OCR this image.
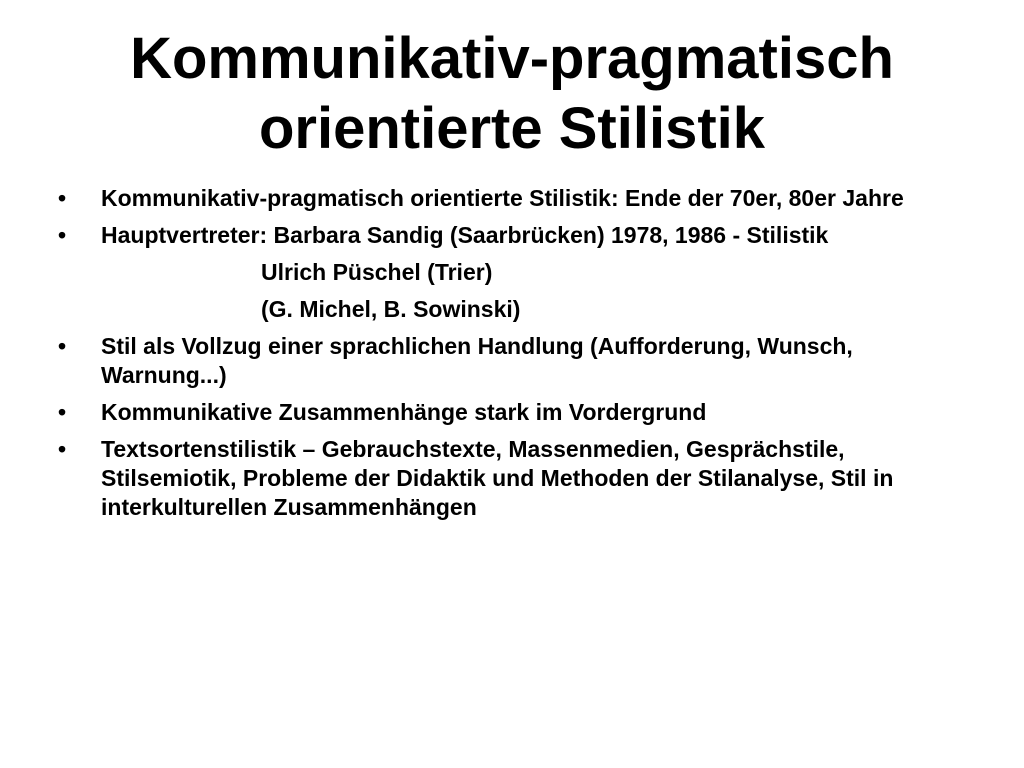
Kommunikativ-pragmatisch
orientierte Stilistik
• Kommunikativ-pragmatisch orientierte Stilistik: Ende der 70er, 80er Jahre
• Hauptvertreter: Barbara Sandig (Saarbrücken) 1978, 1986 - Stilistik
Ulrich Püschel (Trier)
(G. Michel, B. Sowinski)
• Stil als Vollzug einer sprachlichen Handlung (Aufforderung, Wunsch, Warnung...)
• Kommunikative Zusammenhänge stark im Vordergrund
• Textsortenstilistik – Gebrauchstexte, Massenmedien, Gesprächstile, Stilsemiotik, Probleme der Didaktik und Methoden der Stilanalyse, Stil in interkulturellen Zusammenhängen
